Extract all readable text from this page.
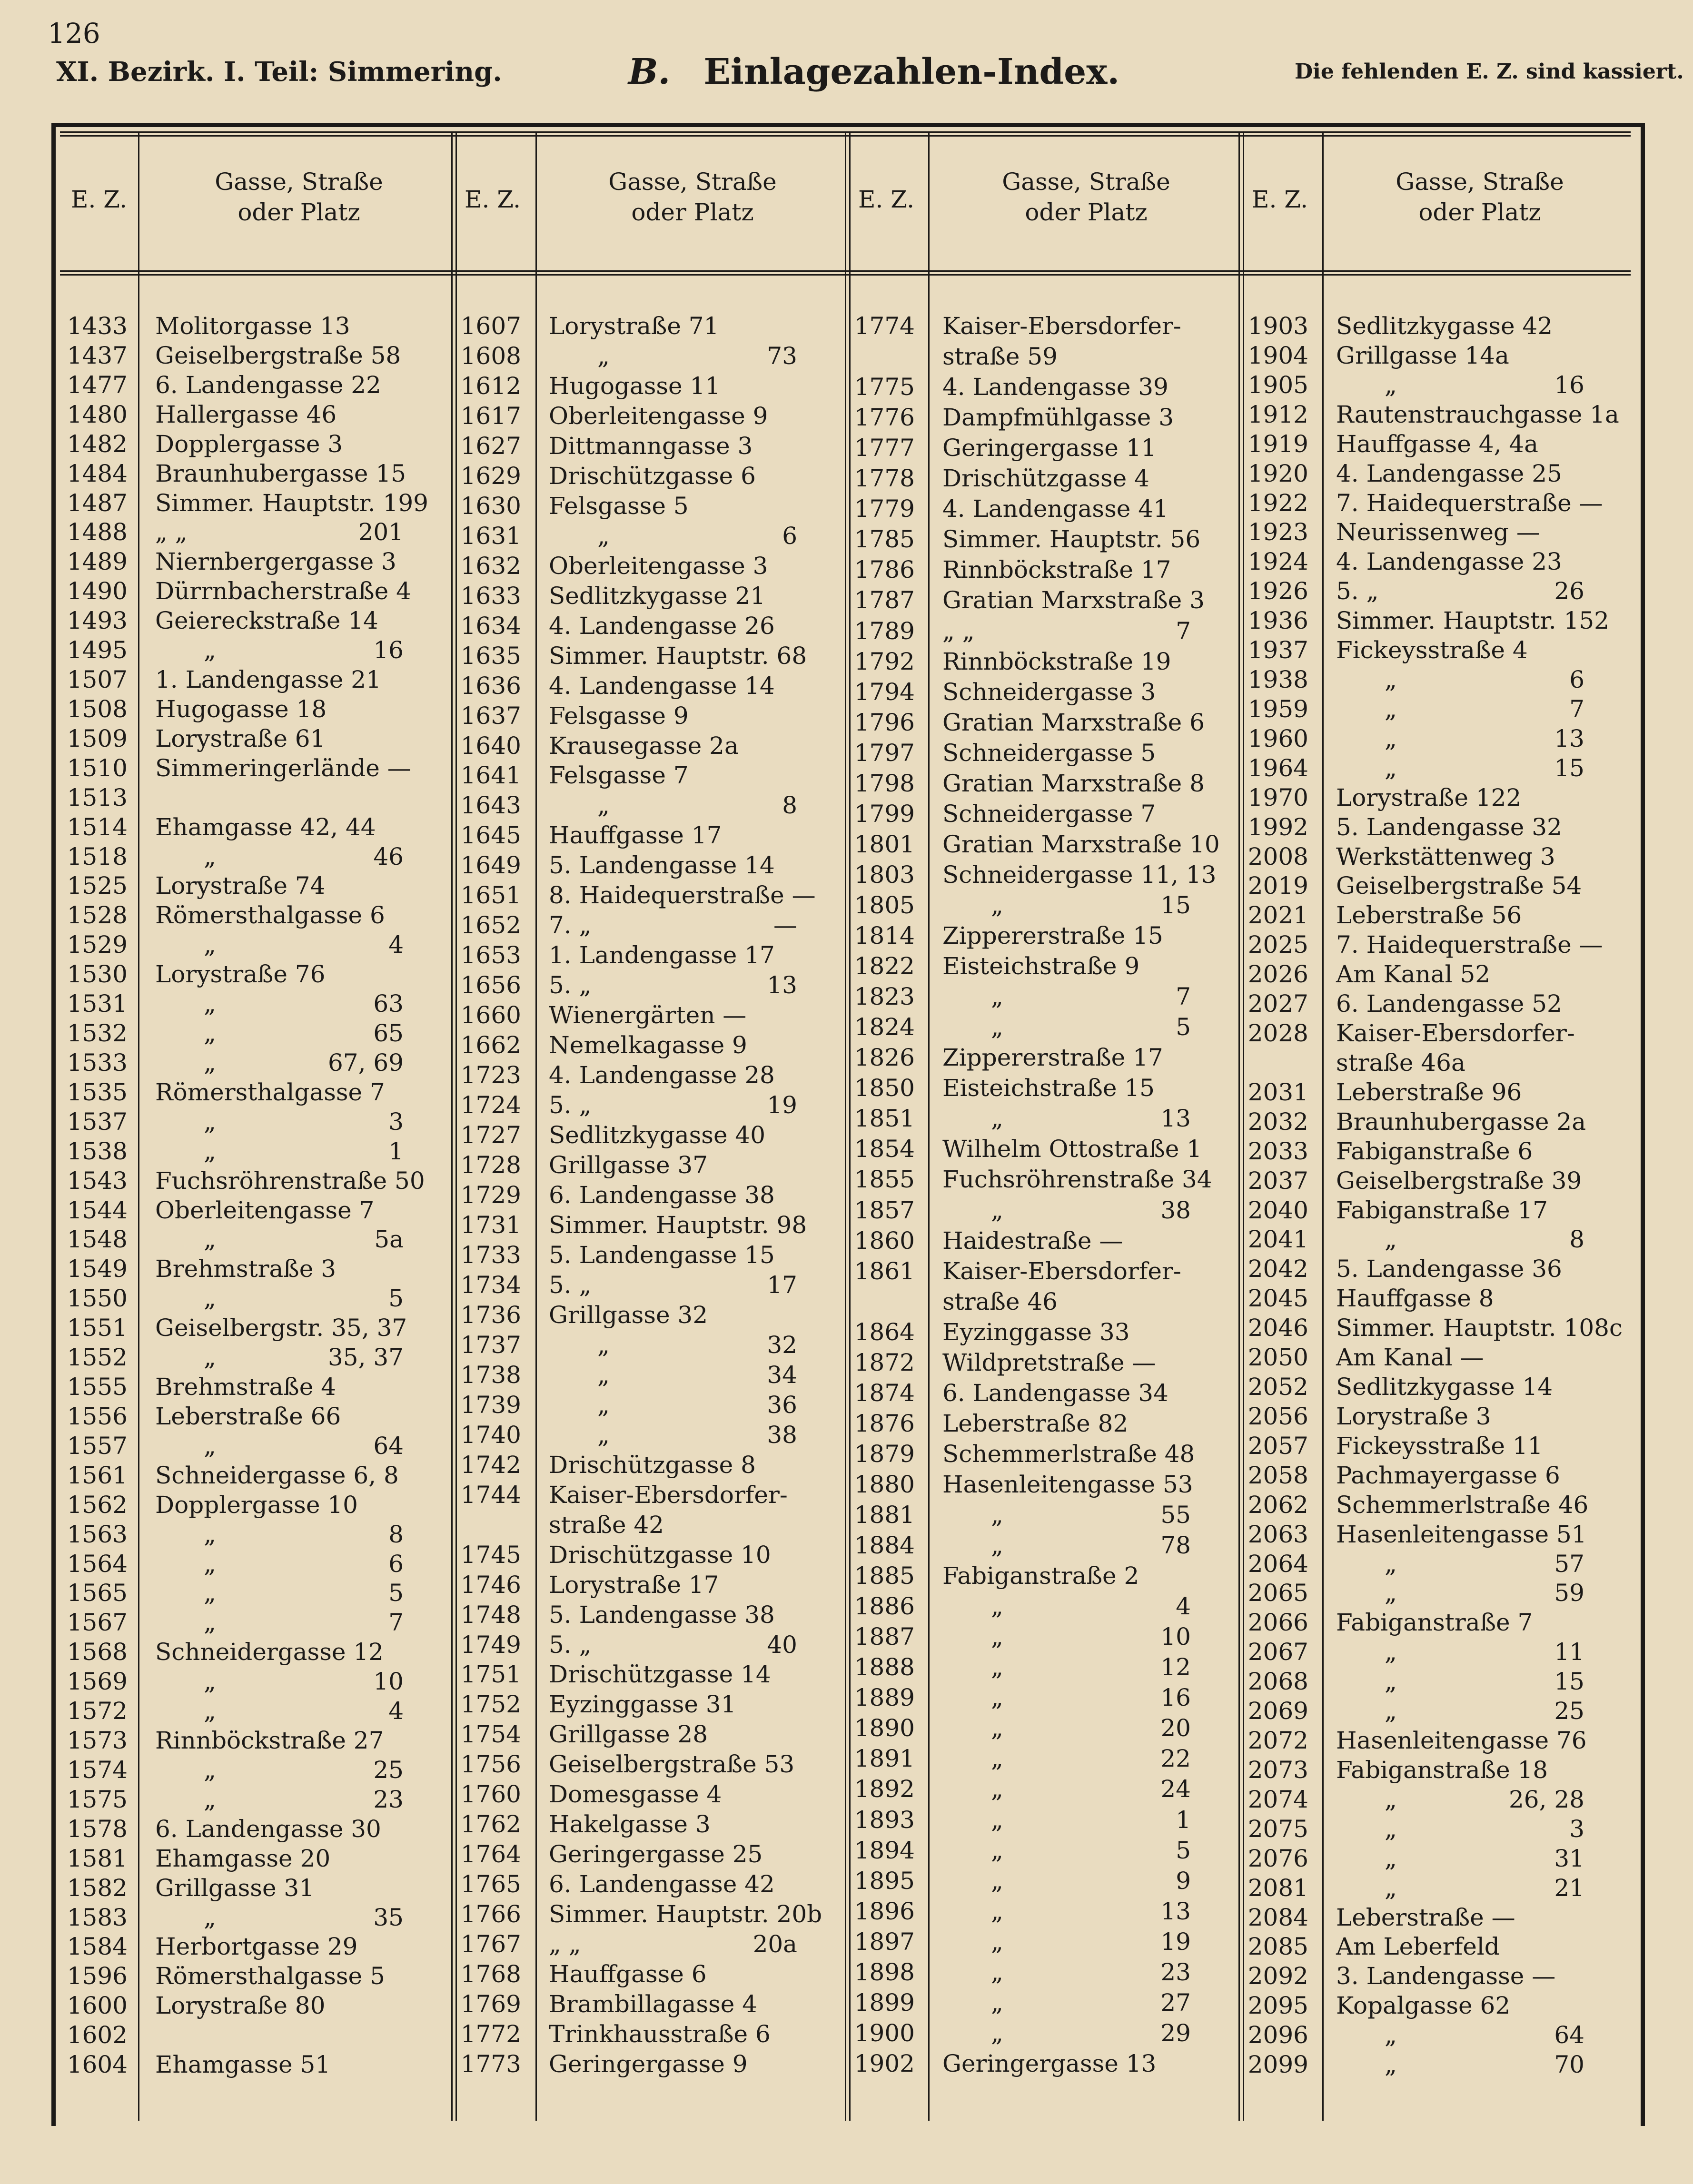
126
XI. Bezirk. I. Teil: Simmering.	B. Einlagezahlen-Index.	Die fehlenden E. Z. sind kassiert.
E. Z.
Gasse, Straße
oder Platz
1433 Molitorgasse 13
1437 Geiselbergstraße 58
1477 6. Landengasse 22
1480 Hallergasse 46
1482 Dopplergasse 3
1484 Braunhubergasse 15
1487 Simmer. Hauptstr. 199
1488 „ „	201
1489 Niernbergergasse 3
1490 Dürrnbacherstraße 4
1493 Geiereckstraße 14
1495	„	16
1507 1. Landengasse 21
1508 Hugogasse 18
1509 Lorystraße 61
1510 Simmeringerlände —
1513
1514 Ehamgasse 42, 44
1518	„	46
1525 Lorystraße 74
1528 Römersthalgasse 6
1529	„	4
1530 Lorystraße 76
1531	„	63
1532	„	65
1533	„	67, 69
1535 Römersthalgasse 7
1537	„	3
1538	„	1
1543 Fuchsröhrenstraße 50
1544 Oberleitengasse 7
1548	„	5a
1549 Brehmstraße 3
1550	„	5
1551 Geiselbergstr. 35, 37
1552	„	35, 37
1555 Brehmstraße 4
1556 Leberstraße 66
1557	„	64
1561 Schneidergasse 6, 8
1562 Dopplergasse 10
1563	„	8
1564	„	6
1565	„	5
1567	„	7
1568 Schneidergasse 12
1569	„	10
1572	„	4
1573 Rinnböckstraße 27
1574	„	25
1575	„	23
1578 6. Landengasse 30
1581 Ehamgasse 20
1582 Grillgasse 31
1583	„	35
1584 Herbortgasse 29
1596 Römersthalgasse 5
1600 Lorystraße 80
1602
1604 Ehamgasse 51
E. Z.
Gasse, Straße
oder Platz
1607 Lorystraße 71
1608	„	73
1612 Hugogasse 11
1617 Oberleitengasse 9
1627 Dittmanngasse 3
1629 Drischützgasse 6
1630 Felsgasse 5
1631	„	6
1632 Oberleitengasse 3
1633 Sedlitzkygasse 21
1634 4. Landengasse 26
1635 Simmer. Hauptstr. 68
1636 4. Landengasse 14
1637 Felsgasse 9
1640 Krausegasse 2a
1641 Felsgasse 7
1643	„	8
1645 Hauffgasse 17
1649 5. Landengasse 14
1651 8. Haidequerstraße —
1652 7. „	—
1653 1. Landengasse 17
1656 5. „	13
1660 Wienergärten —
1662 Nemelkagasse 9
1723 4. Landengasse 28
1724 5. „	19
1727 Sedlitzkygasse 40
1728 Grillgasse 37
1729 6. Landengasse 38
1731 Simmer. Hauptstr. 98
1733 5. Landengasse 15
1734 5. „	17
1736 Grillgasse 32
1737	„	32
1738	„	34
1739	„	36
1740	„	38
1742 Drischützgasse 8
1744 Kaiser-Ebersdorfer-
straße 42
1745 Drischützgasse 10
1746 Lorystraße 17
1748 5. Landengasse 38
1749 5. „	40
1751 Drischützgasse 14
1752 Eyzinggasse 31
1754 Grillgasse 28
1756 Geiselbergstraße 53
1760 Domesgasse 4
1762 Hakelgasse 3
1764 Geringergasse 25
1765 6. Landengasse 42
1766 Simmer. Hauptstr. 20b
1767 „ „	20a
1768 Hauffgasse 6
1769 Brambillagasse 4
1772 Trinkhausstraße 6
1773 Geringergasse 9
E. Z.
Gasse, Straße
oder Platz
1774 Kaiser-Ebersdorfer-
straße 59
1775 4. Landengasse 39
1776 Dampfmühlgasse 3
1777 Geringergasse 11
1778 Drischützgasse 4
1779 4. Landengasse 41
1785 Simmer. Hauptstr. 56
1786 Rinnböckstraße 17
1787 Gratian Marxstraße 3
1789 „ „	7
1792 Rinnböckstraße 19
1794 Schneidergasse 3
1796 Gratian Marxstraße 6
1797 Schneidergasse 5
1798 Gratian Marxstraße 8
1799 Schneidergasse 7
1801 Gratian Marxstraße 10
1803 Schneidergasse 11, 13
1805	„	15
1814 Zippererstraße 15
1822 Eisteichstraße 9
1823	„	7
1824	„	5
1826 Zippererstraße 17
1850 Eisteichstraße 15
1851	„	13
1854 Wilhelm Ottostraße 1
1855 Fuchsröhrenstraße 34
1857	„	38
1860 Haidestraße —
1861 Kaiser-Ebersdorfer-
straße 46
1864 Eyzinggasse 33
1872 Wildpretstraße —
1874 6. Landengasse 34
1876 Leberstraße 82
1879 Schemmerlstraße 48
1880 Hasenleitengasse 53
1881	„	55
1884	„	78
1885 Fabiganstraße 2
1886	„	4
1887	„	10
1888	„	12
1889	„	16
1890	„	20
1891	„	22
1892	„	24
1893	„	1
1894	„	5
1895	„	9
1896	„	13
1897	„	19
1898	„	23
1899	„	27
1900	„	29
1902 Geringergasse 13
E. Z.
Gasse, Straße
oder Platz
1903 Sedlitzkygasse 42
1904 Grillgasse 14a
1905	„	16
1912 Rautenstrauchgasse 1a
1919 Hauffgasse 4, 4a
1920 4. Landengasse 25
1922 7. Haidequerstraße —
1923 Neurissenweg —
1924 4. Landengasse 23
1926 5. „	26
1936 Simmer. Hauptstr. 152
1937 Fickeysstraße 4
1938	„	6
1959	„	7
1960	„	13
1964	„	15
1970 Lorystraße 122
1992 5. Landengasse 32
2008 Werkstättenweg 3
2019 Geiselbergstraße 54
2021 Leberstraße 56
2025 7. Haidequerstraße —
2026 Am Kanal 52
2027 6. Landengasse 52
2028 Kaiser-Ebersdorfer-
straße 46a
2031 Leberstraße 96
2032 Braunhubergasse 2a
2033 Fabiganstraße 6
2037 Geiselbergstraße 39
2040 Fabiganstraße 17
2041	„	8
2042 5. Landengasse 36
2045 Hauffgasse 8
2046 Simmer. Hauptstr. 108c
2050 Am Kanal —
2052 Sedlitzkygasse 14
2056 Lorystraße 3
2057 Fickeysstraße 11
2058 Pachmayergasse 6
2062 Schemmerlstraße 46
2063 Hasenleitengasse 51
2064	„	57
2065	„	59
2066 Fabiganstraße 7
2067	„	11
2068	„	15
2069	„	25
2072 Hasenleitengasse 76
2073 Fabiganstraße 18
2074	„	26, 28
2075	„	3
2076	„	31
2081	„	21
2084 Leberstraße —
2085 Am Leberfeld
2092 3. Landengasse —
2095 Kopalgasse 62
2096	„	64
2099	„	70
